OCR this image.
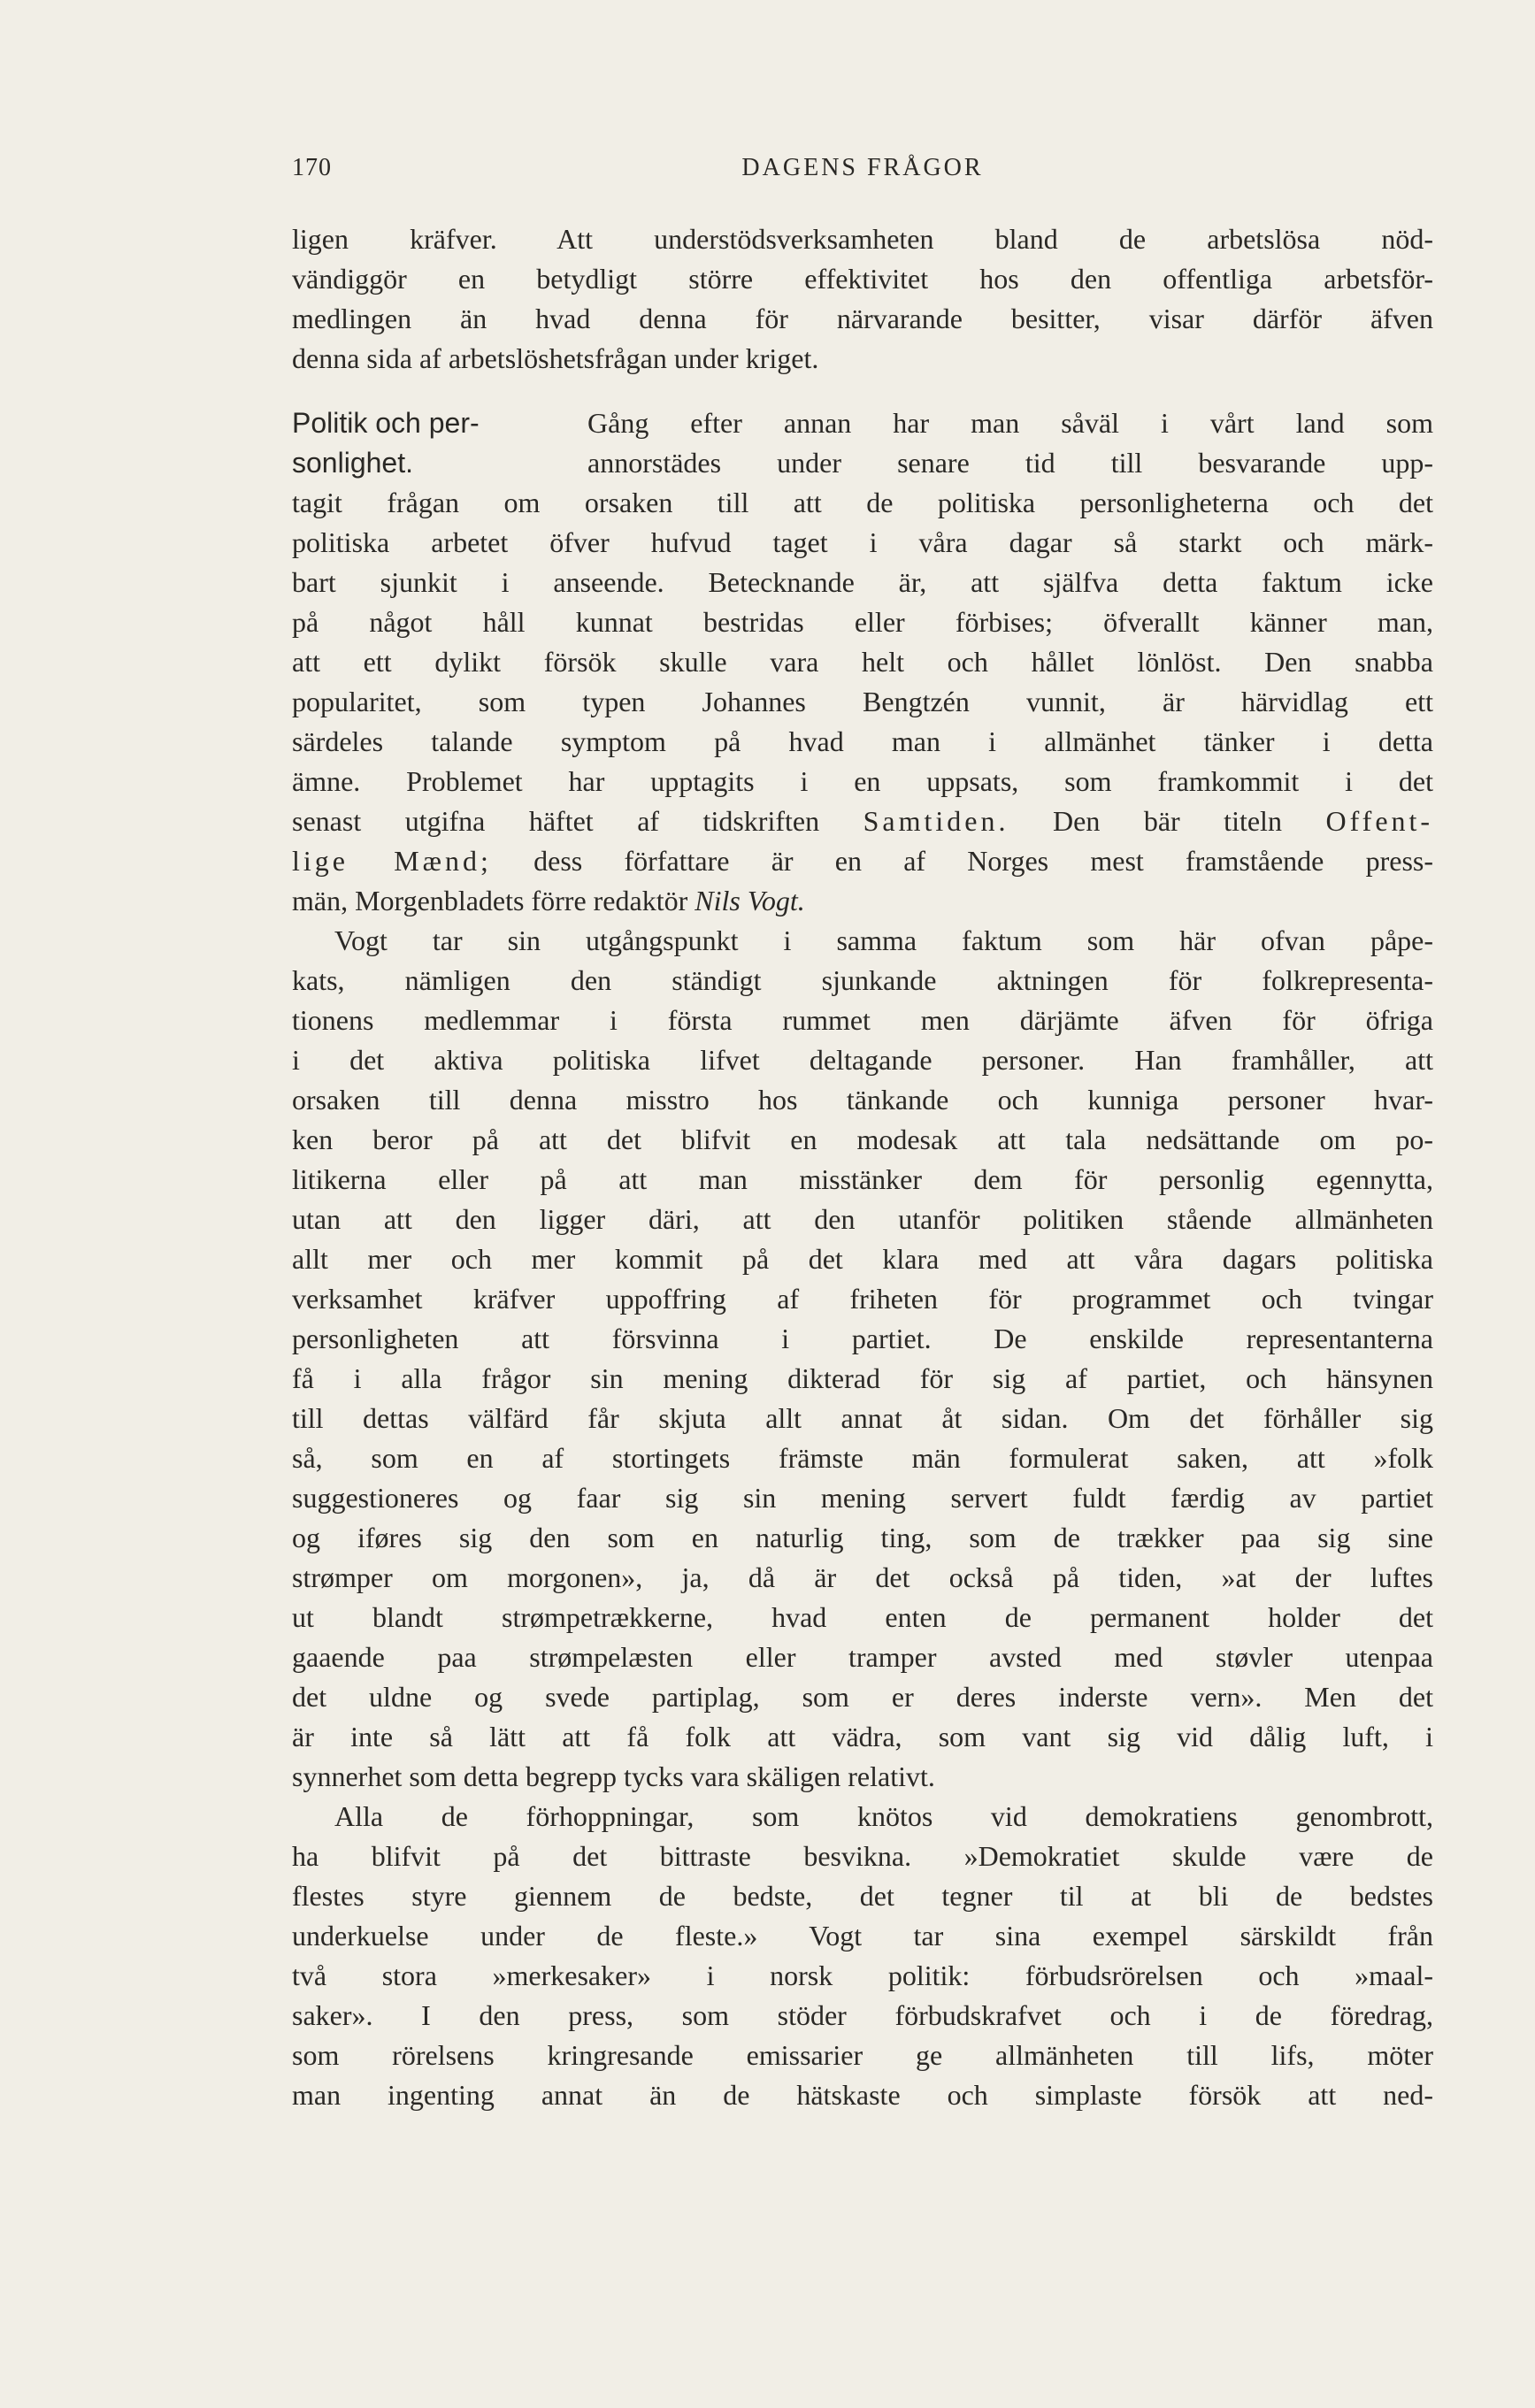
170	DAGENS FRÅGOR
ligen kräfver. Att understödsverksamheten bland de arbetslösa nöd-
vändiggör en betydligt större effektivitet hos den offentliga arbetsför-
medlingen än hvad denna för närvarande besitter, visar därför äfven
denna sida af arbetslöshetsfrågan under kriget.
Politik och per-
sonlighet.
Gång efter annan har man såväl i vårt land som
annorstädes under senare tid till besvarande upp-
tagit frågan om orsaken till att de politiska personligheterna och det
politiska arbetet öfver hufvud taget i våra dagar så starkt och märk-
bart sjunkit i anseende. Betecknande är, att själfva detta faktum icke
på något håll kunnat bestridas eller förbises; öfverallt känner man,
att ett dylikt försök skulle vara helt och hållet lönlöst. Den snabba
popularitet, som typen Johannes Bengtzén vunnit, är härvidlag ett
särdeles talande symptom på hvad man i allmänhet tänker i detta
ämne. Problemet har upptagits i en uppsats, som framkommit i det
senast utgifna häftet af tidskriften Samtiden. Den bär titeln Offent-
lige Mænd; dess författare är en af Norges mest framstående press-
män, Morgenbladets förre redaktör Nils Vogt.
Vogt tar sin utgångspunkt i samma faktum som här ofvan påpe-
kats, nämligen den ständigt sjunkande aktningen för folkrepresenta-
tionens medlemmar i första rummet men därjämte äfven för öfriga
i det aktiva politiska lifvet deltagande personer. Han framhåller, att
orsaken till denna misstro hos tänkande och kunniga personer hvar-
ken beror på att det blifvit en modesak att tala nedsättande om po-
litikerna eller på att man misstänker dem för personlig egennytta,
utan att den ligger däri, att den utanför politiken stående allmänheten
allt mer och mer kommit på det klara med att våra dagars politiska
verksamhet kräfver uppoffring af friheten för programmet och tvingar
personligheten att försvinna i partiet. De enskilde representanterna
få i alla frågor sin mening dikterad för sig af partiet, och hänsynen
till dettas välfärd får skjuta allt annat åt sidan. Om det förhåller sig
så, som en af stortingets främste män formulerat saken, att »folk
suggestioneres og faar sig sin mening servert fuldt færdig av partiet
og iføres sig den som en naturlig ting, som de trækker paa sig sine
strømper om morgonen», ja, då är det också på tiden, »at der luftes
ut blandt strømpetrækkerne, hvad enten de permanent holder det
gaaende paa strømpelæsten eller tramper avsted med støvler utenpaa
det uldne og svede partiplag, som er deres inderste vern». Men det
är inte så lätt att få folk att vädra, som vant sig vid dålig luft, i
synnerhet som detta begrepp tycks vara skäligen relativt.
Alla de förhoppningar, som knötos vid demokratiens genombrott,
ha blifvit på det bittraste besvikna. »Demokratiet skulde være de
flestes styre giennem de bedste, det tegner til at bli de bedstes
underkuelse under de fleste.» Vogt tar sina exempel särskildt från
två stora »merkesaker» i norsk politik: förbudsrörelsen och »maal-
saker». I den press, som stöder förbudskrafvet och i de föredrag,
som rörelsens kringresande emissarier ge allmänheten till lifs, möter
man ingenting annat än de hätskaste och simplaste försök att ned-
